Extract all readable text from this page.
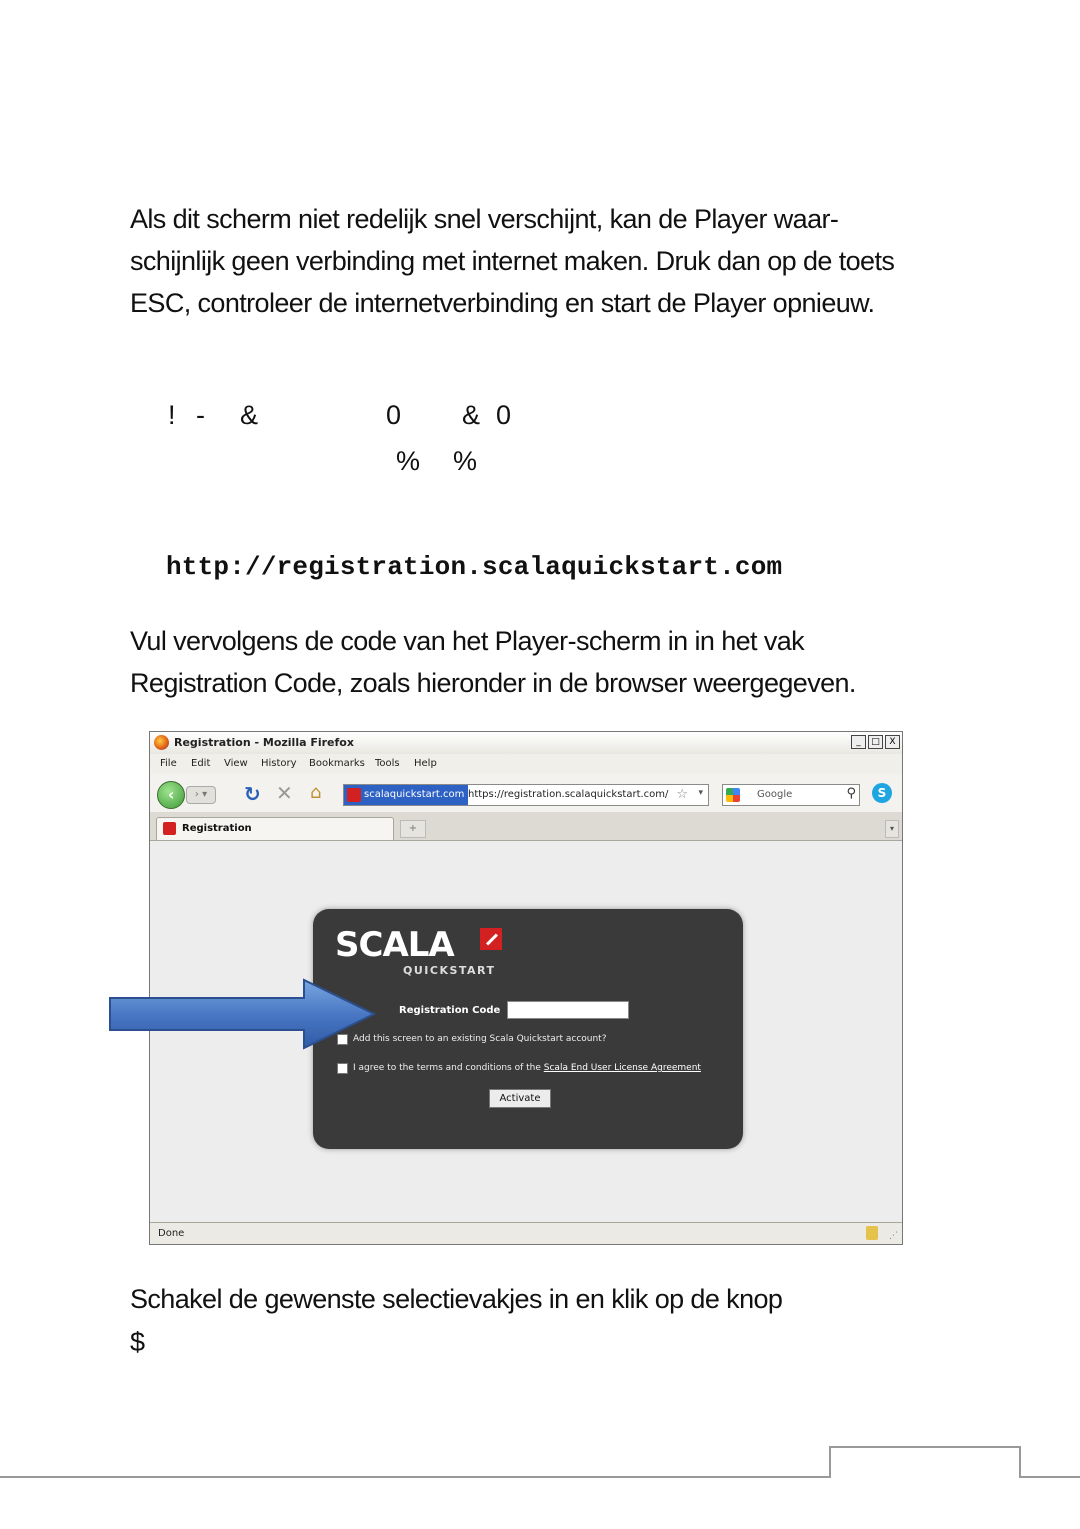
Als dit scherm niet redelijk snel verschijnt, kan de Player waar-schijnlijk geen verbinding met internet maken. Druk dan op de toets ESC, controleer de internetverbinding en start de Player opnieuw.
! - &	0 & 0
% %
http://registration.scalaquickstart.com
Vul vervolgens de code van het Player-scherm in in het vak Registration Code, zoals hieronder in de browser weergegeven.
Registration - Mozilla Firefox	_	□	X
File Edit View History Bookmarks Tools Help
‹	› ▾	↻ ✕ ⌂	scalaquickstart.com https://registration.scalaquickstart.com/ ☆ ▾	Google	⚲	S
Registration	+	▾
SCALA
QUICKSTART
Registration Code
Add this screen to an existing Scala Quickstart account?
I agree to the terms and conditions of the Scala End User License Agreement
Activate
Done	⋰
Schakel de gewenste selectievakjes in en klik op de knop
$
